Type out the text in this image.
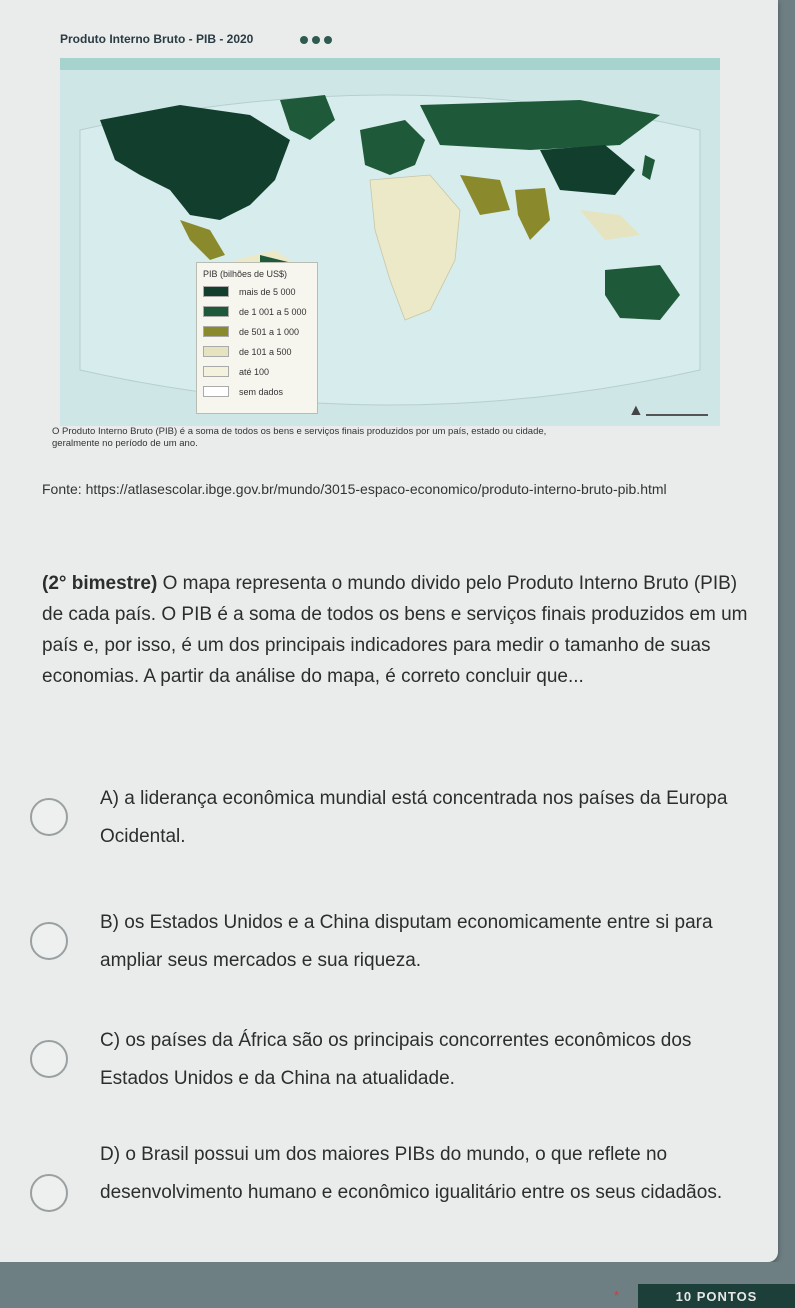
Produto Interno Bruto - PIB - 2020
PIB (bilhões de US$)
mais de 5 000
de 1 001 a 5 000
de 501 a 1 000
de 101 a 500
até 100
sem dados
▲
O Produto Interno Bruto (PIB) é a soma de todos os bens e serviços finais produzidos por um país, estado ou cidade, geralmente no período de um ano.
Fonte: https://atlasescolar.ibge.gov.br/mundo/3015-espaco-economico/produto-interno-bruto-pib.html
(2° bimestre) O mapa representa o mundo divido pelo Produto Interno Bruto (PIB) de cada país. O PIB é a soma de todos os bens e serviços finais produzidos em um país e, por isso, é um dos principais indicadores para medir o tamanho de suas economias. A partir da análise do mapa, é correto concluir que...
A) a liderança econômica mundial está concentrada nos países da Europa Ocidental.
B) os Estados Unidos e a China disputam economicamente entre si para ampliar seus mercados e sua riqueza.
C) os países da África são os principais concorrentes econômicos dos Estados Unidos e da China na atualidade.
D) o Brasil possui um dos maiores PIBs do mundo, o que reflete no desenvolvimento humano e econômico igualitário entre os seus cidadãos.
*	10 PONTOS
